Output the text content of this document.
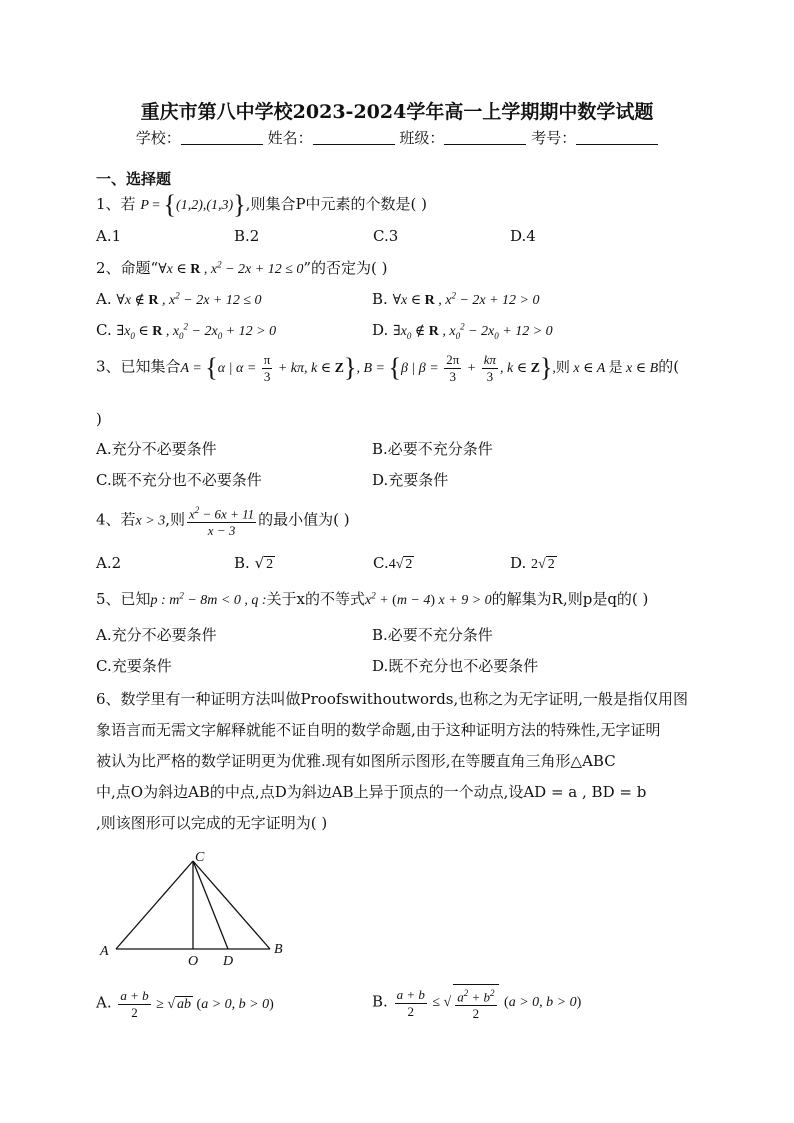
重庆市第八中学校2023-2024学年高一上学期期中数学试题
学校：	姓名：	班级：	考号：
一、选择题
1、若 P = {(1,2),(1,3)},则集合P中元素的个数是( )
A.1	B.2	C.3	D.4
2、命题“∀x ∈ R , $x^2 - 2x + 12 \le 0$”的否定为( )
A. ∀x ∉ R , $x^2 - 2x + 12 \le 0$	B. ∀x ∈ R , $x^2 - 2x + 12 > 0$
C. $\exists x_0$ ∈ R , $x_0^2 - 2x_0 + 12 > 0$	D. $\exists x_0$ ∉ R , $x_0^2 - 2x_0 + 12 > 0$
3、已知集合A = {α | $\alpha = \frac{\pi}{3} + k\pi$, k ∈ Z}, B = {β | $\beta = \frac{2\pi}{3} + \frac{k\pi}{3}$ , k ∈ Z},则 x ∈ A 是 x ∈ B的(
)
A.充分不必要条件	B.必要不充分条件
C.既不充分也不必要条件	D.充要条件
4、若x > 3,则 $\frac{x^2 - 6x + 11}{x - 3}$ 的最小值为( )
A.2	B. √ 2	C.4√ 2	D. 2√ 2
5、已知p : $m^2 - 8m < 0$ , q :关于x的不等式$x^2 + (m - 4) x + 9 > 0$的解集为R,则p是q的( )
A.充分不必要条件	B.必要不充分条件
C.充要条件	D.既不充分也不必要条件
6、数学里有一种证明方法叫做Proofswithoutwords,也称之为无字证明,一般是指仅用图
象语言而无需文字解释就能不证自明的数学命题,由于这种证明方法的特殊性,无字证明
被认为比严格的数学证明更为优雅.现有如图所示图形,在等腰直角三角形△ABC
中,点O为斜边AB的中点,点D为斜边AB上异于顶点的一个动点,设AD = a , BD = b
,则该图形可以完成的无字证明为( )
A	B
C
O D
A. $\frac{a + b}{2}$ ≥ √ ab (a > 0, b > 0)	B. $\frac{a + b}{2}$ ≤ √ $\frac{a^2 + b^2}{2} (a > 0$, b > 0)
